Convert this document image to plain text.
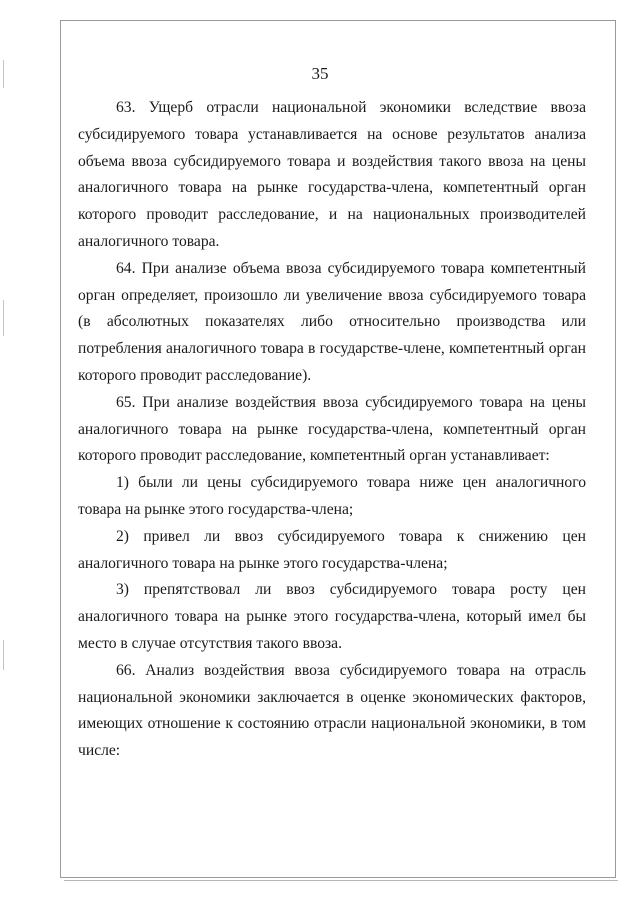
35

63. Ущерб отрасли национальной экономики вследствие ввоза субсидируемого товара устанавливается на основе результатов анализа объема ввоза субсидируемого товара и воздействия такого ввоза на цены аналогичного товара на рынке государства-члена, компетентный орган которого проводит расследование, и на национальных производителей аналогичного товара.

64. При анализе объема ввоза субсидируемого товара компетентный орган определяет, произошло ли увеличение ввоза субсидируемого товара (в абсолютных показателях либо относительно производства или потребления аналогичного товара в государстве-члене, компетентный орган которого проводит расследование).

65. При анализе воздействия ввоза субсидируемого товара на цены аналогичного товара на рынке государства-члена, компетентный орган которого проводит расследование, компетентный орган устанавливает:

1) были ли цены субсидируемого товара ниже цен аналогичного товара на рынке этого государства-члена;

2) привел ли ввоз субсидируемого товара к снижению цен аналогичного товара на рынке этого государства-члена;

3) препятствовал ли ввоз субсидируемого товара росту цен аналогичного товара на рынке этого государства-члена, который имел бы место в случае отсутствия такого ввоза.

66. Анализ воздействия ввоза субсидируемого товара на отрасль национальной экономики заключается в оценке экономических факторов, имеющих отношение к состоянию отрасли национальной экономики, в том числе:
